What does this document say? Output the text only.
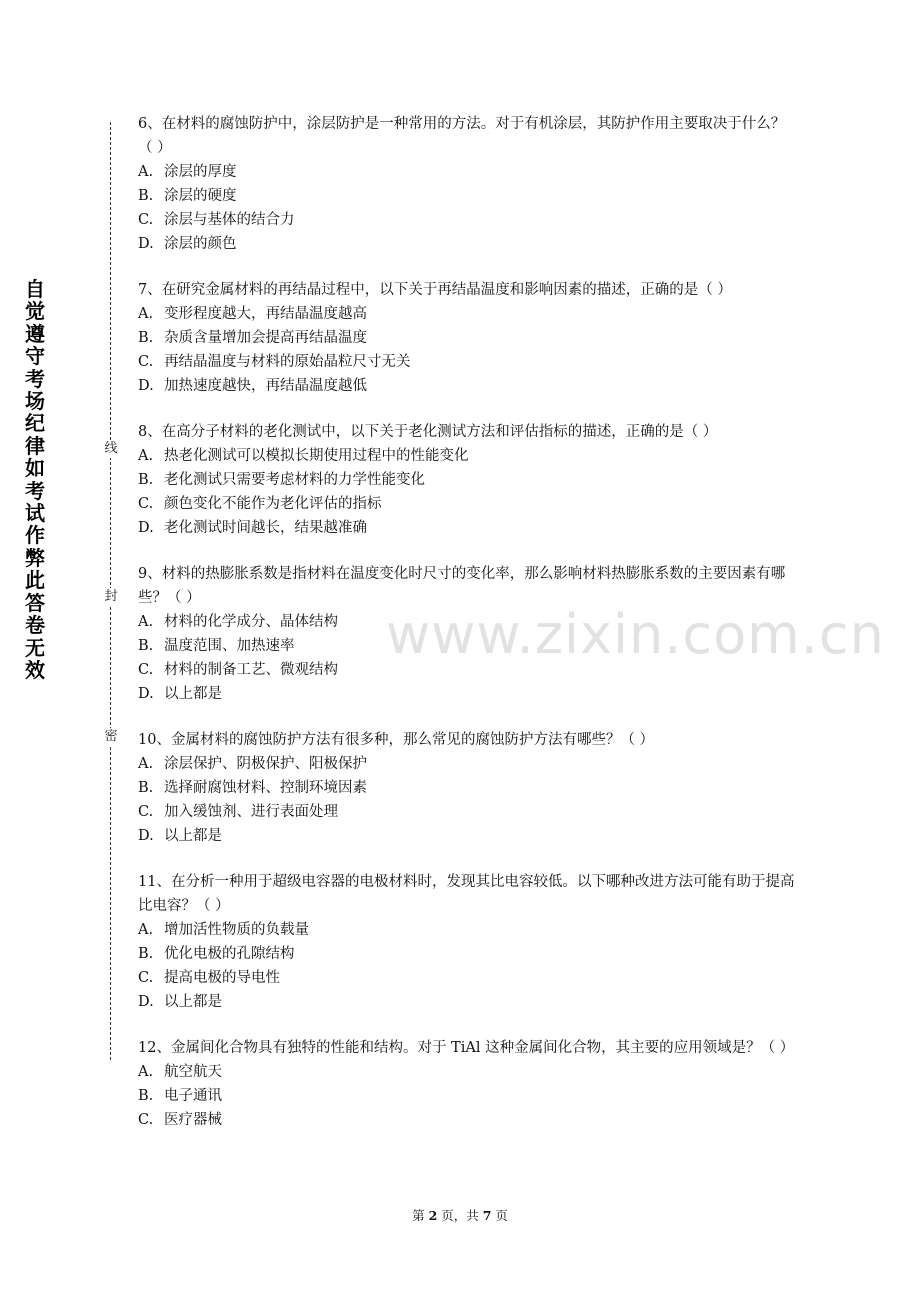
自
觉
遵
守
考
场
纪
律
如
考
试
作
弊
此
答
卷
无
效
线
封
密
www.zixin.com.cn

6、在材料的腐蚀防护中，涂层防护是一种常用的方法。对于有机涂层，其防护作用主要取决于什么？（ ）

A. 涂层的厚度

B. 涂层的硬度

C. 涂层与基体的结合力

D. 涂层的颜色

7、在研究金属材料的再结晶过程中，以下关于再结晶温度和影响因素的描述，正确的是（ ）

A. 变形程度越大，再结晶温度越高

B. 杂质含量增加会提高再结晶温度

C. 再结晶温度与材料的原始晶粒尺寸无关

D. 加热速度越快，再结晶温度越低

8、在高分子材料的老化测试中，以下关于老化测试方法和评估指标的描述，正确的是（ ）

A. 热老化测试可以模拟长期使用过程中的性能变化

B. 老化测试只需要考虑材料的力学性能变化

C. 颜色变化不能作为老化评估的指标

D. 老化测试时间越长，结果越准确

9、材料的热膨胀系数是指材料在温度变化时尺寸的变化率，那么影响材料热膨胀系数的主要因素有哪些？（ ）

A. 材料的化学成分、晶体结构

B. 温度范围、加热速率

C. 材料的制备工艺、微观结构

D. 以上都是

10、金属材料的腐蚀防护方法有很多种，那么常见的腐蚀防护方法有哪些？（ ）

A. 涂层保护、阴极保护、阳极保护

B. 选择耐腐蚀材料、控制环境因素

C. 加入缓蚀剂、进行表面处理

D. 以上都是

11、在分析一种用于超级电容器的电极材料时，发现其比电容较低。以下哪种改进方法可能有助于提高比电容？（ ）

A. 增加活性物质的负载量

B. 优化电极的孔隙结构

C. 提高电极的导电性

D. 以上都是

12、金属间化合物具有独特的性能和结构。对于 TiAl 这种金属间化合物，其主要的应用领域是？（ ）

A. 航空航天

B. 电子通讯

C. 医疗器械

第 2 页，共 7 页
